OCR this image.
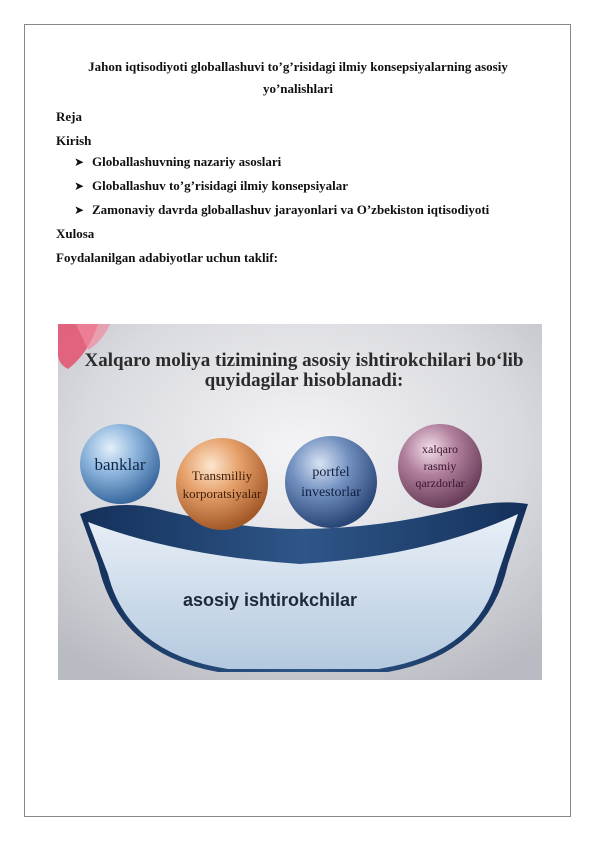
Jahon iqtisodiyoti globallashuvi to’g’risidagi ilmiy konsepsiyalarning asosiy yo’nalishlari
Reja
Kirish
➤ Globallashuvning nazariy asoslari
➤ Globallashuv to’g’risidagi ilmiy konsepsiyalar
➤ Zamonaviy davrda globallashuv jarayonlari va O’zbekiston iqtisodiyoti
Xulosa
Foydalanilgan adabiyotlar uchun taklif:
Xalqaro moliya tizimining asosiy ishtirokchilari bo‘lib
quyidagilar hisoblanadi:
asosiy ishtirokchilar
banklar
Transmilliy
korporatsiyalar
portfel
investorlar
xalqaro
rasmiy
qarzdorlar
